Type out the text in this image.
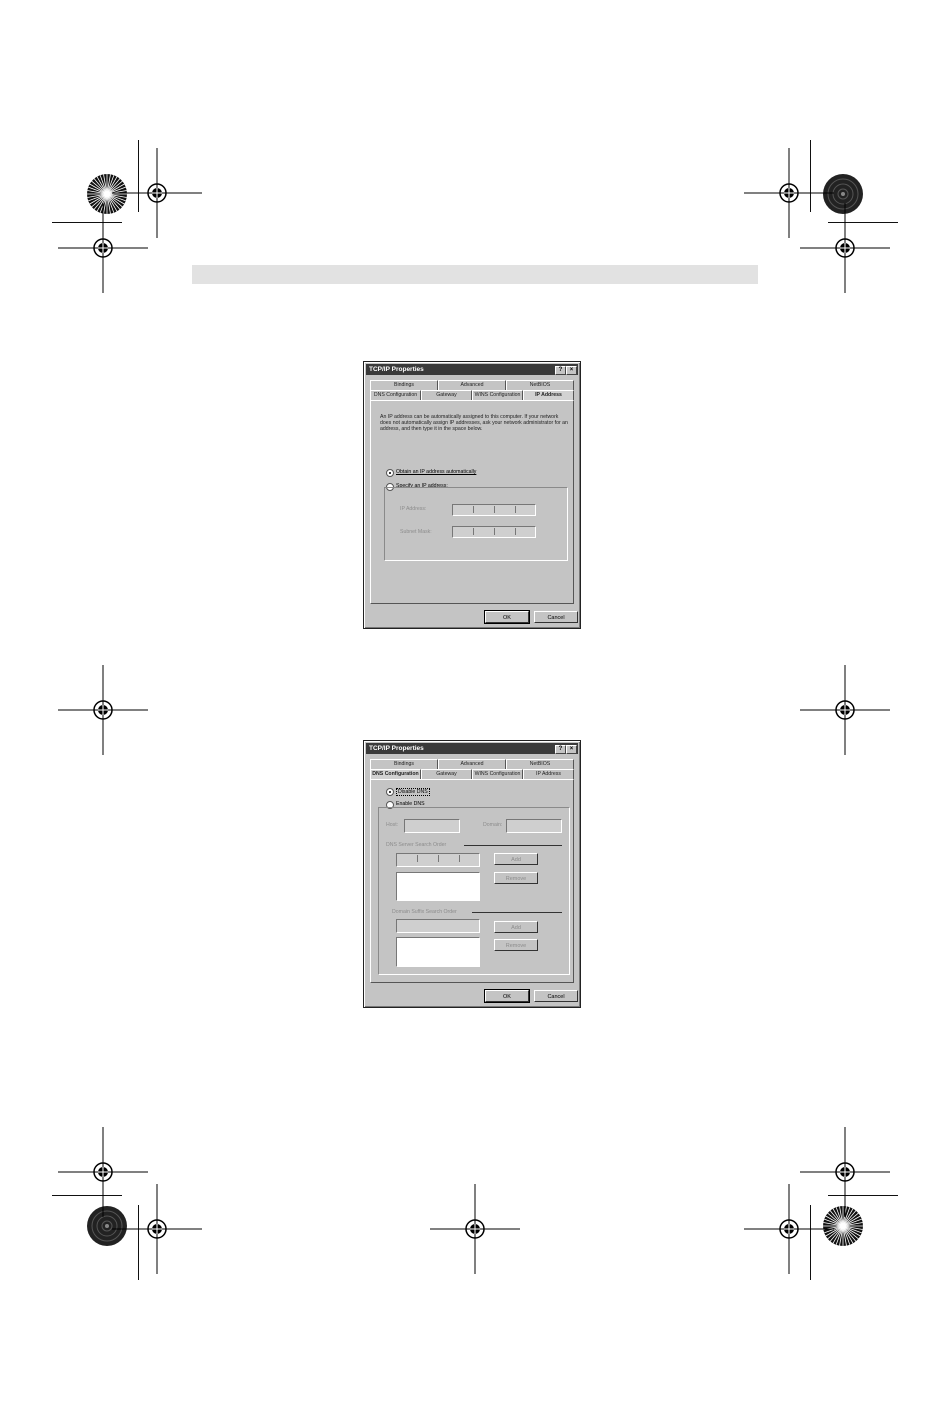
TCP/IP Properties	?	×
Bindings	Advanced	NetBIOS
DNS Configuration	Gateway	WINS Configuration	IP Address
An IP address can be automatically assigned to this computer. If your network does not automatically assign IP addresses, ask your network administrator for an address, and then type it in the space below.
Obtain an IP address automatically
Specify an IP address:
IP Address:
Subnet Mask:
OK	Cancel
TCP/IP Properties	?	×
Bindings	Advanced	NetBIOS
DNS Configuration	Gateway	WINS Configuration	IP Address
Disable DNS
Enable DNS
Host:	Domain:
DNS Server Search Order
Add
Remove
Domain Suffix Search Order
Add
Remove
OK	Cancel
